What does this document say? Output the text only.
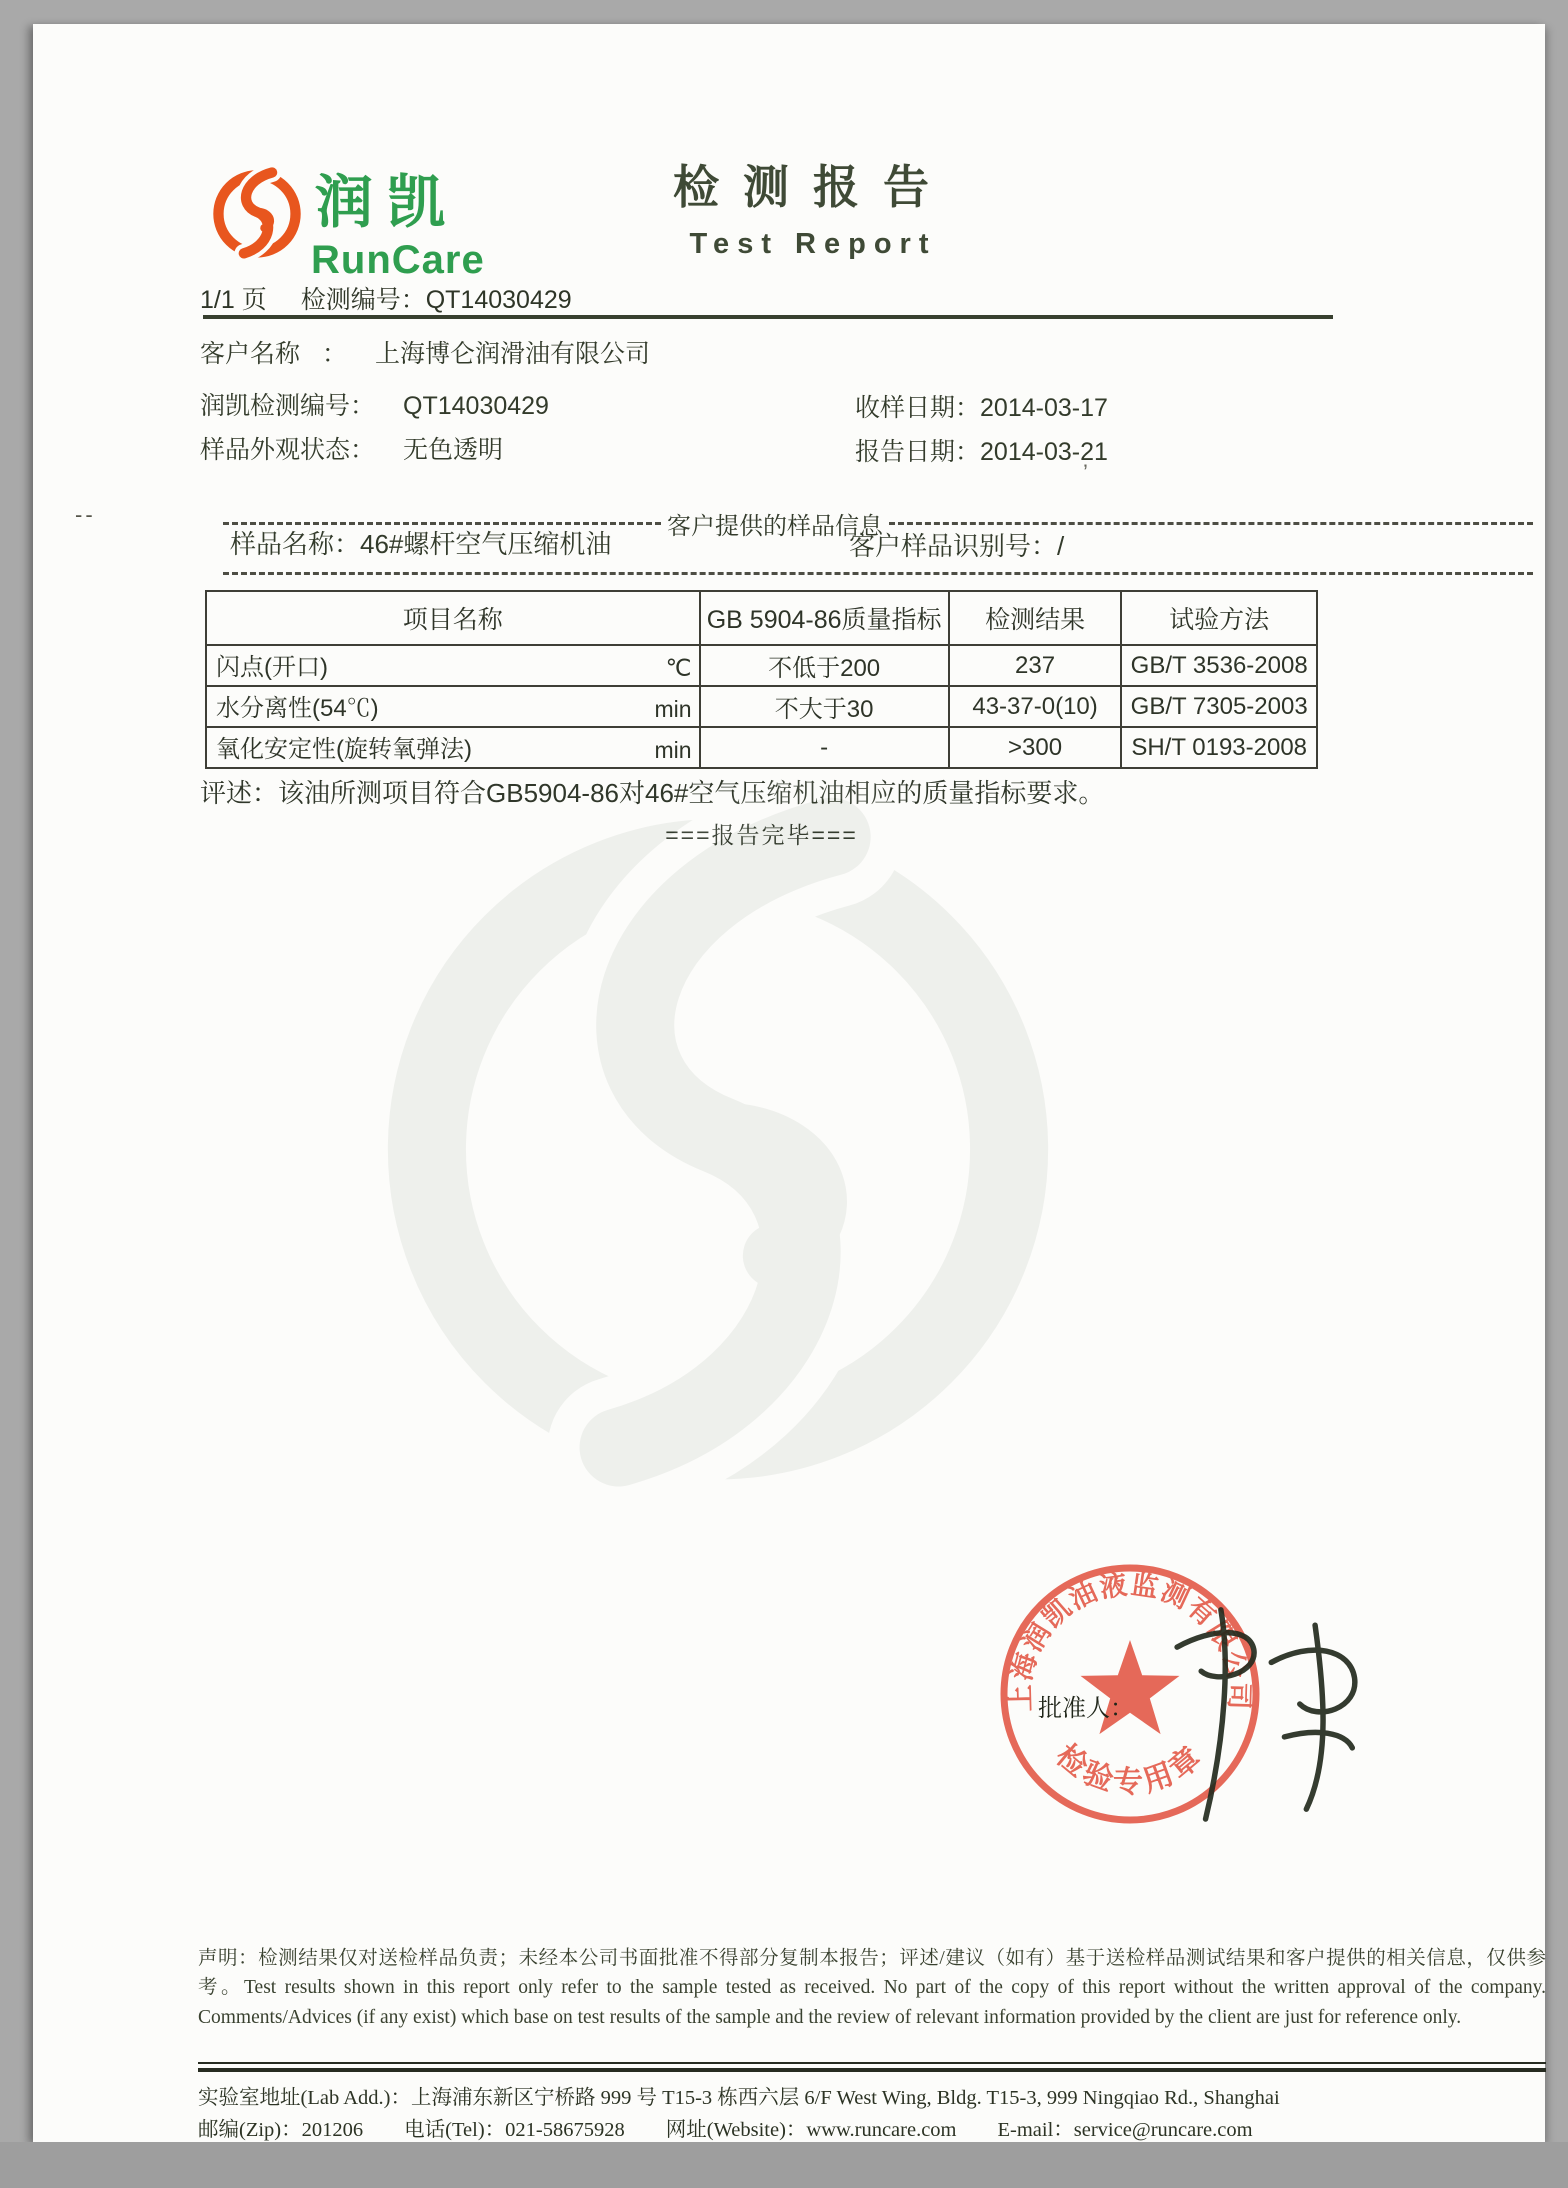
润凯
RunCare
检测报告
Test Report
1/1 页 检测编号：QT14030429
客户名称 ： 上海博仑润滑油有限公司
润凯检测编号： QT14030429
样品外观状态： 无色透明
收样日期：2014-03-17
报告日期：2014-03-21
客户提供的样品信息
样品名称：46#螺杆空气压缩机油	客户样品识别号：/
项目名称	GB 5904-86质量指标	检测结果	试验方法

闪点(开口) ℃	不低于200	237	GB/T 3536-2008

水分离性(54℃) min	不大于30	43-37-0(10)	GB/T 7305-2003

氧化安定性(旋转氧弹法) min	-	>300	SH/T 0193-2008
评述：该油所测项目符合GB5904-86对46#空气压缩机油相应的质量指标要求。
===报告完毕===
上海润凯油液监测有限公司
检验专用章
批准人：
声明：检测结果仅对送检样品负责；未经本公司书面批准不得部分复制本报告；评述/建议（如有）基于送检样品测试结果和客户提供的相关信息，仅供参考。Test results shown in this report only refer to the sample tested as received. No part of the copy of this report without the written approval of the company. Comments/Advices (if any exist) which base on test results of the sample and the review of relevant information provided by the client are just for reference only.
实验室地址(Lab Add.)：上海浦东新区宁桥路 999 号 T15-3 栋西六层 6/F West Wing, Bldg. T15-3, 999 Ningqiao Rd., Shanghai
邮编(Zip)：201206　　电话(Tel)：021-58675928　　网址(Website)：www.runcare.com　　E-mail：service@runcare.com
--
’
